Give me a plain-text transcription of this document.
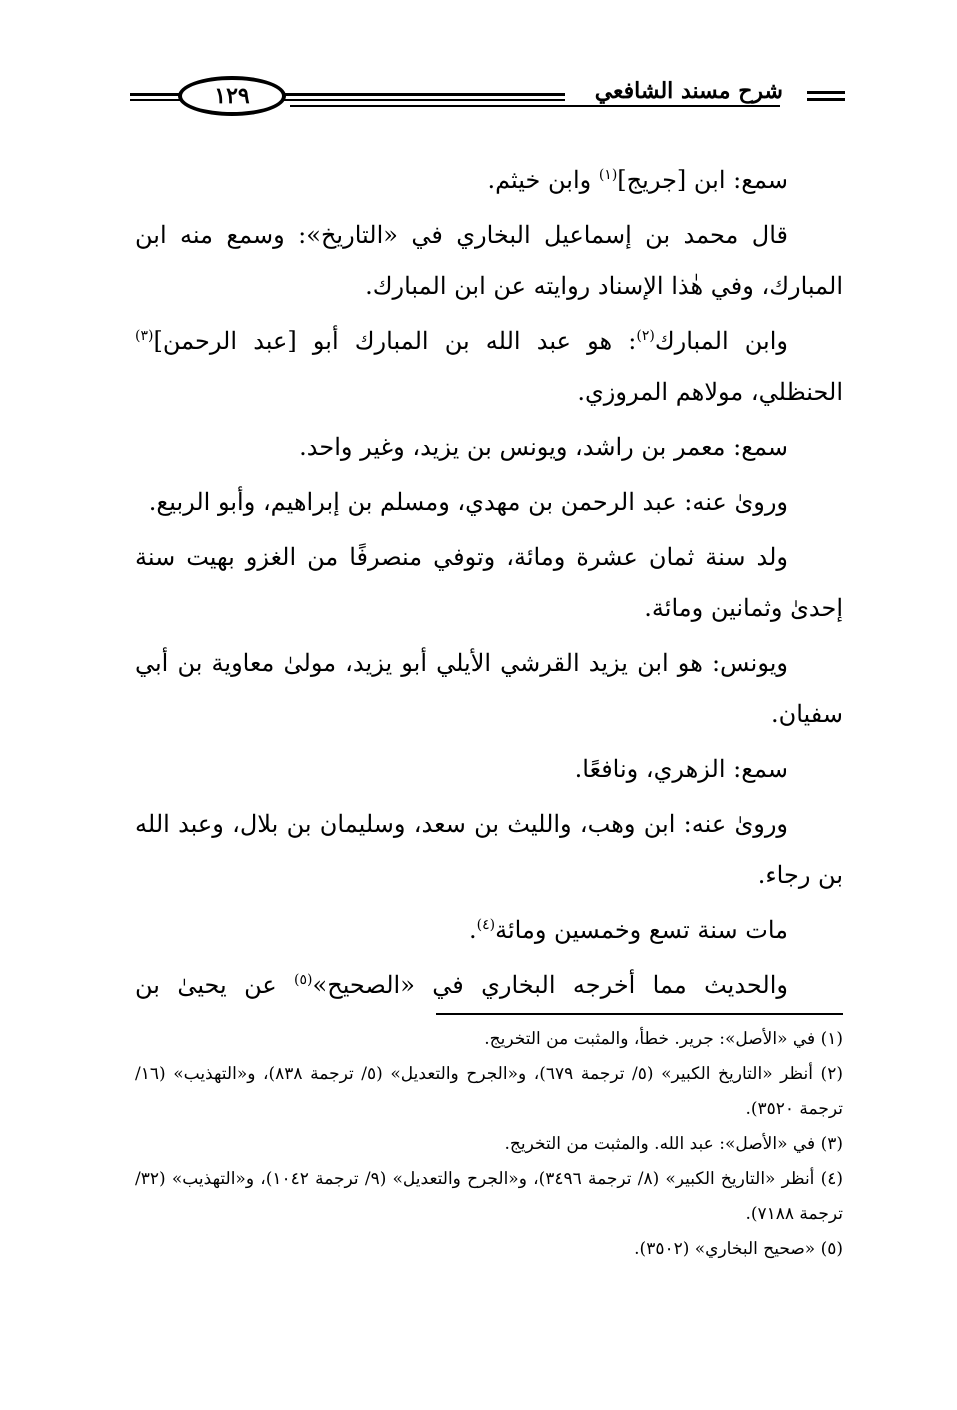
١٢٩	شرح مسند الشافعي

سمع: ابن [جريج]$^{(١)}$ وابن خيثم.

قال محمد بن إسماعيل البخاري في «التاريخ»: وسمع منه ابن المبارك، وفي هٰذا الإسناد روايته عن ابن المبارك.

وابن المبارك$^{(٢)}$: هو عبد الله بن المبارك أبو [عبد الرحمن]$^{(٣)}$ الحنظلي، مولاهم المروزي.

سمع: معمر بن راشد، ويونس بن يزيد، وغير واحد.

وروىٰ عنه: عبد الرحمن بن مهدي، ومسلم بن إبراهيم، وأبو الربيع.

ولد سنة ثمان عشرة ومائة، وتوفي منصرفًا من الغزو بهيت سنة إحدىٰ وثمانين ومائة.

ويونس: هو ابن يزيد القرشي الأيلي أبو يزيد، مولىٰ معاوية بن أبي سفيان.

سمع: الزهري، ونافعًا.

وروىٰ عنه: ابن وهب، والليث بن سعد، وسليمان بن بلال، وعبد الله بن رجاء.

مات سنة تسع وخمسين ومائة$^{(٤)}$.

والحديث مما أخرجه البخاري في «الصحيح»$^{(٥)}$ عن يحيىٰ بن

(١) في «الأصل»: جرير. خطأ، والمثبت من التخريج.

(٢) أنظر «التاريخ الكبير» (٥/ ترجمة ٦٧٩)، و«الجرح والتعديل» (٥/ ترجمة ٨٣٨)، و«التهذيب» (١٦/ ترجمة ٣٥٢٠).

(٣) في «الأصل»: عبد الله. والمثبت من التخريج.

(٤) أنظر «التاريخ الكبير» (٨/ ترجمة ٣٤٩٦)، و«الجرح والتعديل» (٩/ ترجمة ١٠٤٢)، و«التهذيب» (٣٢/ ترجمة ٧١٨٨).

(٥) «صحيح البخاري» (٣٥٠٢).
